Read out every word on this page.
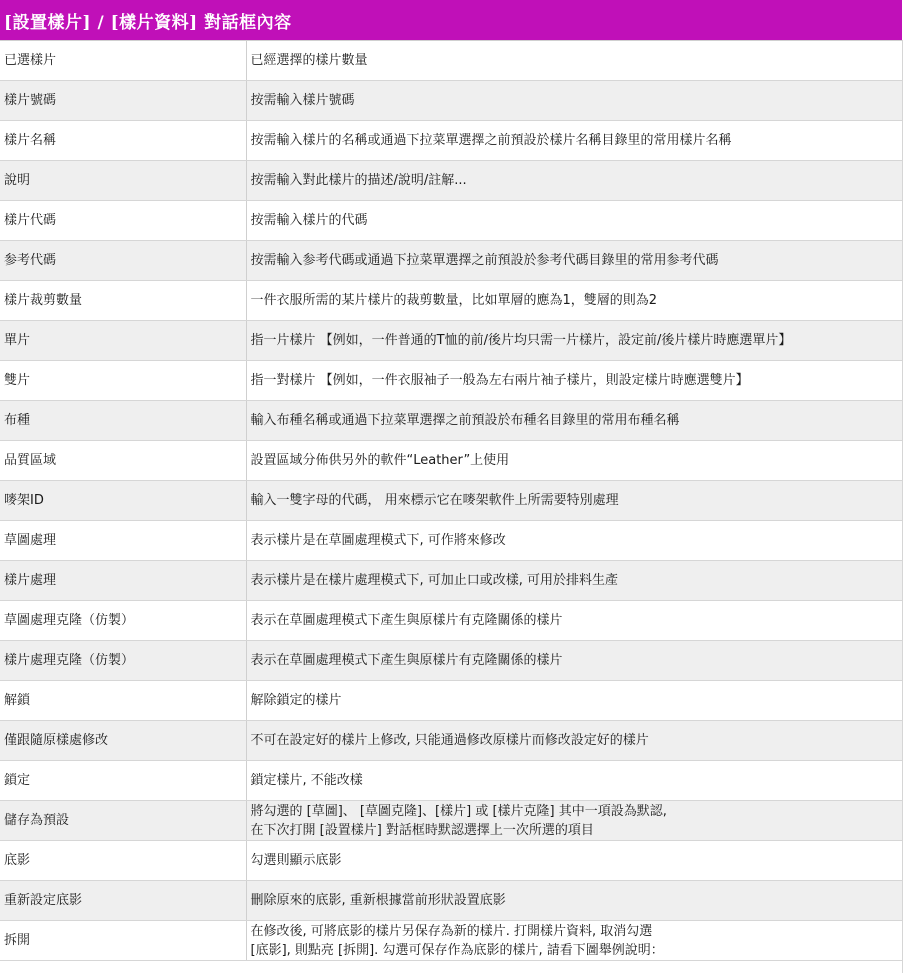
[設置樣片] / [樣片資料] 對話框內容	
已選樣片	已經選擇的樣片數量
樣片號碼	按需輸入樣片號碼
樣片名稱	按需輸入樣片的名稱或通過下拉菜單選擇之前預設於樣片名稱目錄里的常用樣片名稱
說明	按需輸入對此樣片的描述/說明/註解...
樣片代碼	按需輸入樣片的代碼
参考代碼	按需輸入参考代碼或通過下拉菜單選擇之前預設於参考代碼目錄里的常用参考代碼
樣片裁剪數量	一件衣服所需的某片樣片的裁剪數量，比如單層的應為1，雙層的則為2
單片	指一片樣片 【例如，一件普通的T恤的前/後片均只需一片樣片，設定前/後片樣片時應選單片】
雙片	指一對樣片 【例如，一件衣服袖子一般為左右兩片袖子樣片，則設定樣片時應選雙片】
布種	輸入布種名稱或通過下拉菜單選擇之前預設於布種名目錄里的常用布種名稱
品質區域	設置區域分佈供另外的軟件“Leather”上使用
嘜架ID	輸入一雙字母的代碼， 用來標示它在嘜架軟件上所需要特別處理
草圖處理	表示樣片是在草圖處理模式下, 可作將來修改
樣片處理	表示樣片是在樣片處理模式下, 可加止口或改樣, 可用於排料生產
草圖處理克隆（仿製）	表示在草圖處理模式下產生與原樣片有克隆關係的樣片
樣片處理克隆（仿製）	表示在草圖處理模式下產生與原樣片有克隆關係的樣片
解鎖	解除鎖定的樣片
僅跟隨原樣處修改	不可在設定好的樣片上修改, 只能通過修改原樣片而修改設定好的樣片
鎖定	鎖定樣片, 不能改樣
儲存為預設	將勾選的 [草圖]、 [草圖克隆]、[樣片] 或 [樣片克隆] 其中一項設為默認,
在下次打開 [設置樣片] 對話框時默認選擇上一次所選的項目

底影	勾選則顯示底影
重新設定底影	刪除原來的底影, 重新根據當前形狀設置底影
拆開	在修改後, 可將底影的樣片另保存為新的樣片. 打開樣片資料, 取消勾選
[底影], 則點亮 [拆開]. 勾選可保存作為底影的樣片, 請看下圖舉例說明：
